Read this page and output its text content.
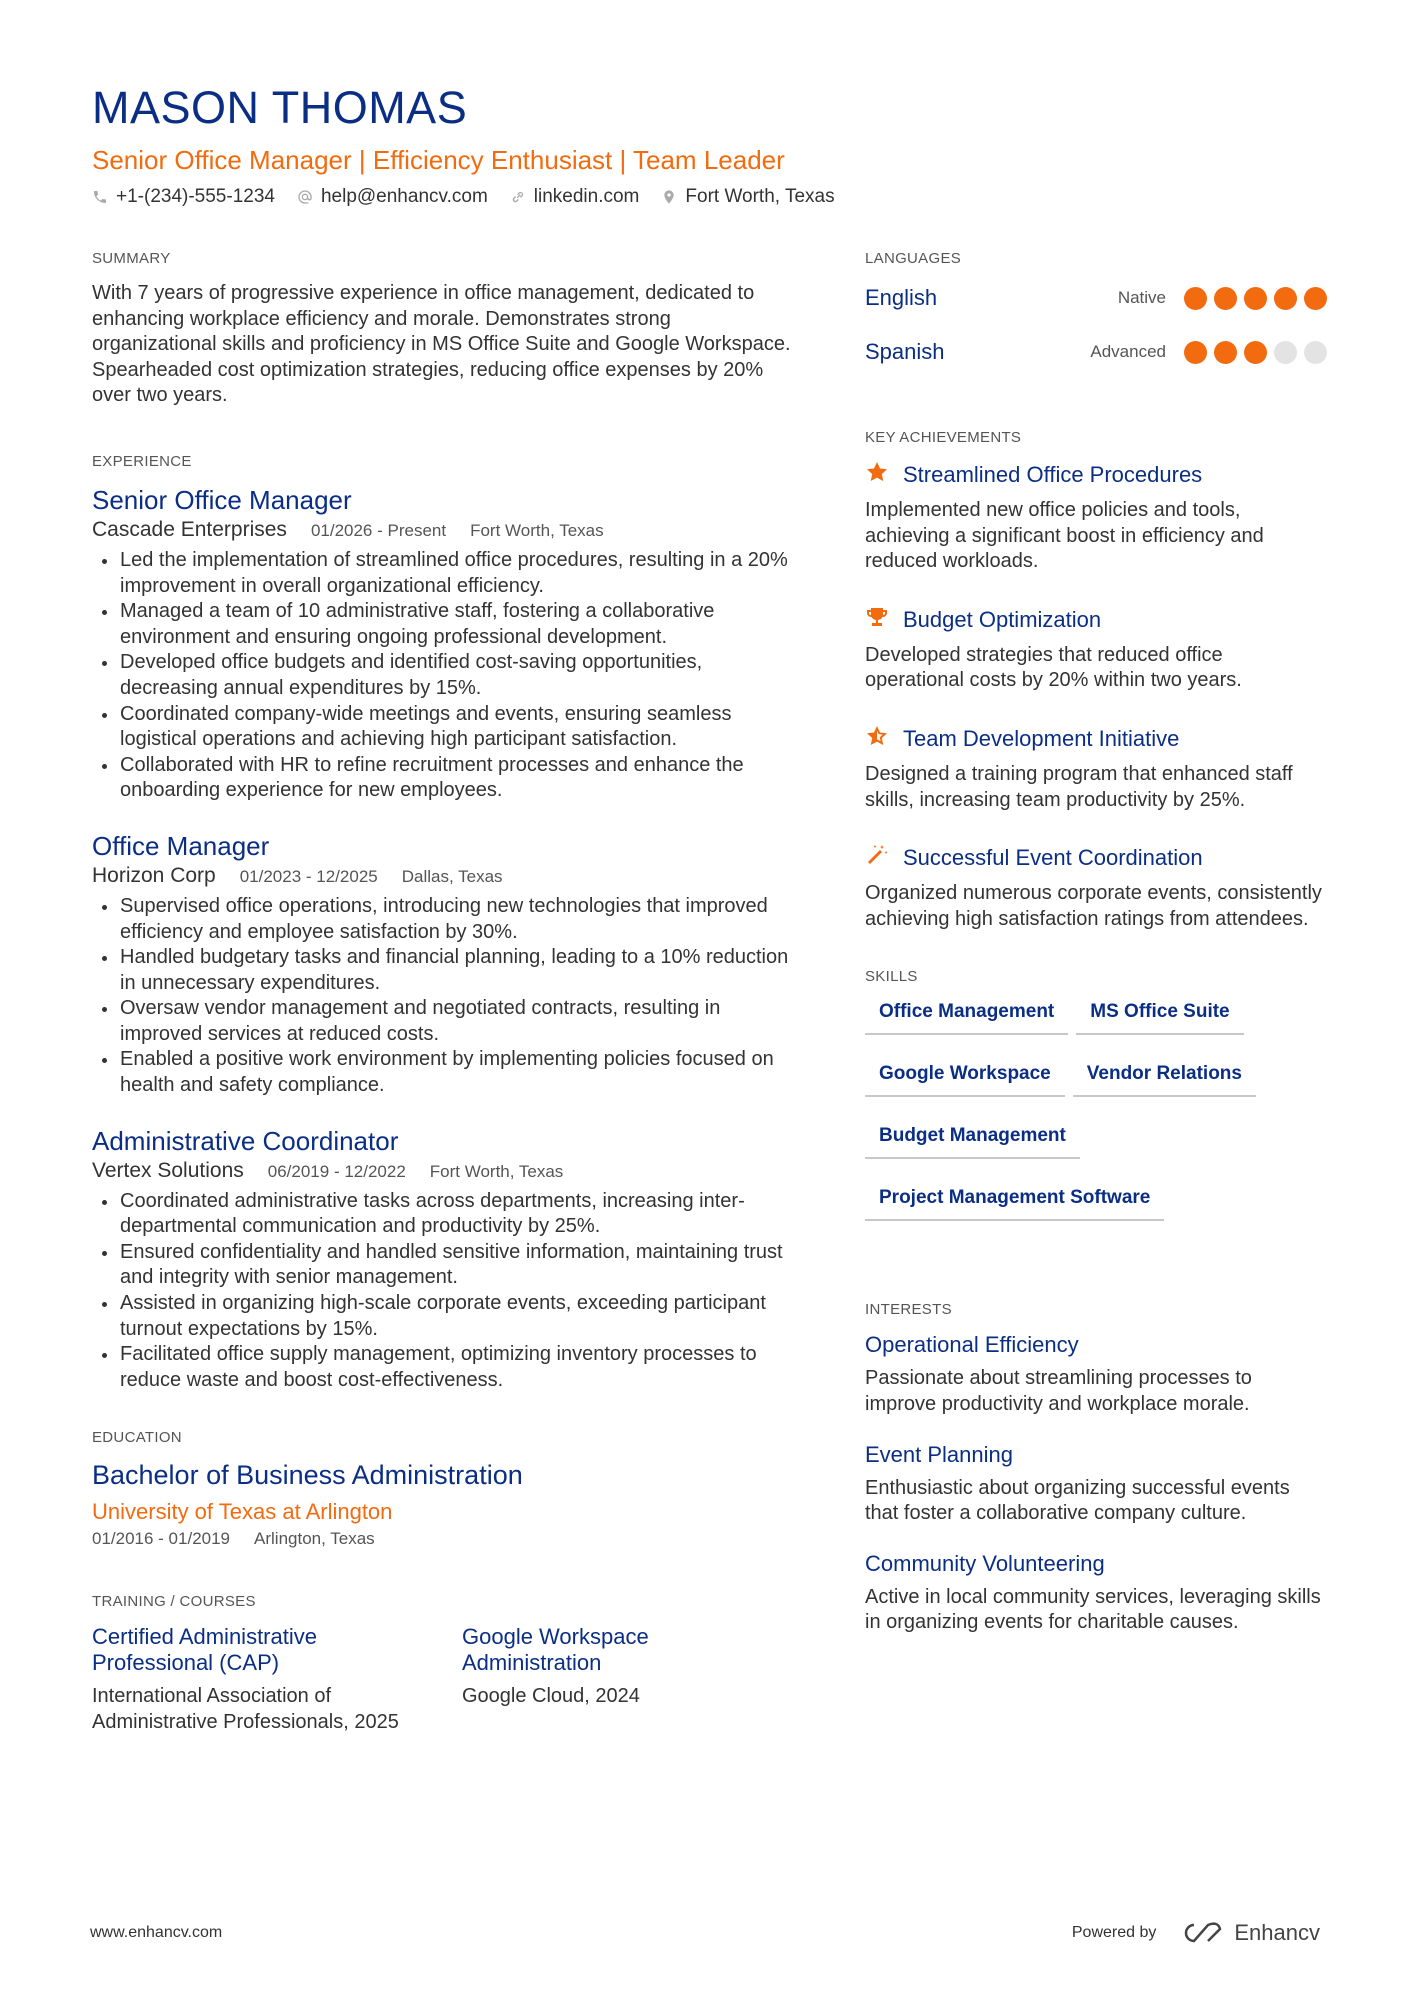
MASON THOMAS
Senior Office Manager | Efficiency Enthusiast | Team Leader
+1-(234)-555-1234 help@enhancv.com linkedin.com Fort Worth, Texas
SUMMARY
With 7 years of progressive experience in office management, dedicated to enhancing workplace efficiency and morale. Demonstrates strong organizational skills and proficiency in MS Office Suite and Google Workspace. Spearheaded cost optimization strategies, reducing office expenses by 20% over two years.
EXPERIENCE
Senior Office Manager
Cascade Enterprises 01/2026 - Present Fort Worth, Texas
Led the implementation of streamlined office procedures, resulting in a 20% improvement in overall organizational efficiency.
Managed a team of 10 administrative staff, fostering a collaborative environment and ensuring ongoing professional development.
Developed office budgets and identified cost-saving opportunities, decreasing annual expenditures by 15%.
Coordinated company-wide meetings and events, ensuring seamless logistical operations and achieving high participant satisfaction.
Collaborated with HR to refine recruitment processes and enhance the onboarding experience for new employees.
Office Manager
Horizon Corp 01/2023 - 12/2025 Dallas, Texas
Supervised office operations, introducing new technologies that improved efficiency and employee satisfaction by 30%.
Handled budgetary tasks and financial planning, leading to a 10% reduction in unnecessary expenditures.
Oversaw vendor management and negotiated contracts, resulting in improved services at reduced costs.
Enabled a positive work environment by implementing policies focused on health and safety compliance.
Administrative Coordinator
Vertex Solutions 06/2019 - 12/2022 Fort Worth, Texas
Coordinated administrative tasks across departments, increasing inter-departmental communication and productivity by 25%.
Ensured confidentiality and handled sensitive information, maintaining trust and integrity with senior management.
Assisted in organizing high-scale corporate events, exceeding participant turnout expectations by 15%.
Facilitated office supply management, optimizing inventory processes to reduce waste and boost cost-effectiveness.
EDUCATION
Bachelor of Business Administration
University of Texas at Arlington
01/2016 - 01/2019 Arlington, Texas
TRAINING / COURSES
Certified Administrative Professional (CAP)
International Association of Administrative Professionals, 2025
Google Workspace Administration
Google Cloud, 2024
LANGUAGES
English	Native
Spanish	Advanced
KEY ACHIEVEMENTS
Streamlined Office Procedures
Implemented new office policies and tools, achieving a significant boost in efficiency and reduced workloads.
Budget Optimization
Developed strategies that reduced office operational costs by 20% within two years.
Team Development Initiative
Designed a training program that enhanced staff skills, increasing team productivity by 25%.
Successful Event Coordination
Organized numerous corporate events, consistently achieving high satisfaction ratings from attendees.
SKILLS
Office Management	MS Office Suite
Google Workspace	Vendor Relations
Budget Management
Project Management Software
INTERESTS
Operational Efficiency
Passionate about streamlining processes to improve productivity and workplace morale.
Event Planning
Enthusiastic about organizing successful events that foster a collaborative company culture.
Community Volunteering
Active in local community services, leveraging skills in organizing events for charitable causes.
www.enhancv.com	Powered by	Enhancv
